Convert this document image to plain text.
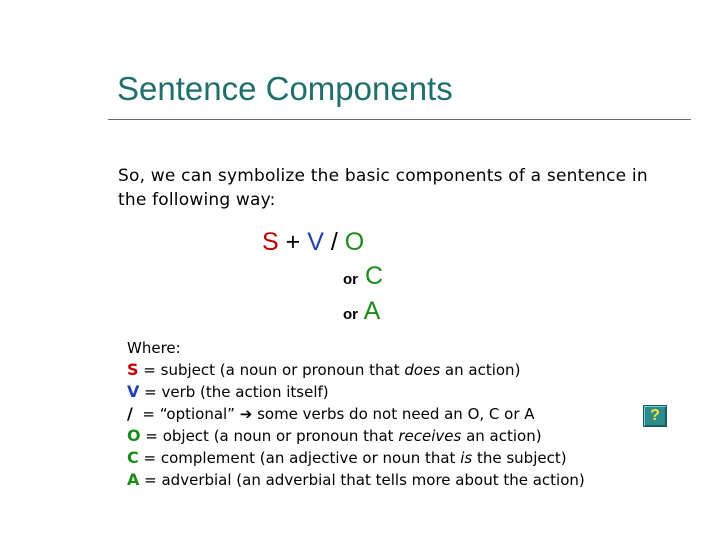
Sentence Components
So, we can symbolize the basic components of a sentence in the following way:
S + V / O
or C
or A
Where:
S = subject (a noun or pronoun that does an action)
V = verb (the action itself)
/  = “optional” ➔ some verbs do not need an O, C or A
O = object (a noun or pronoun that receives an action)
C = complement (an adjective or noun that is the subject)
A = adverbial (an adverbial that tells more about the action)
?
